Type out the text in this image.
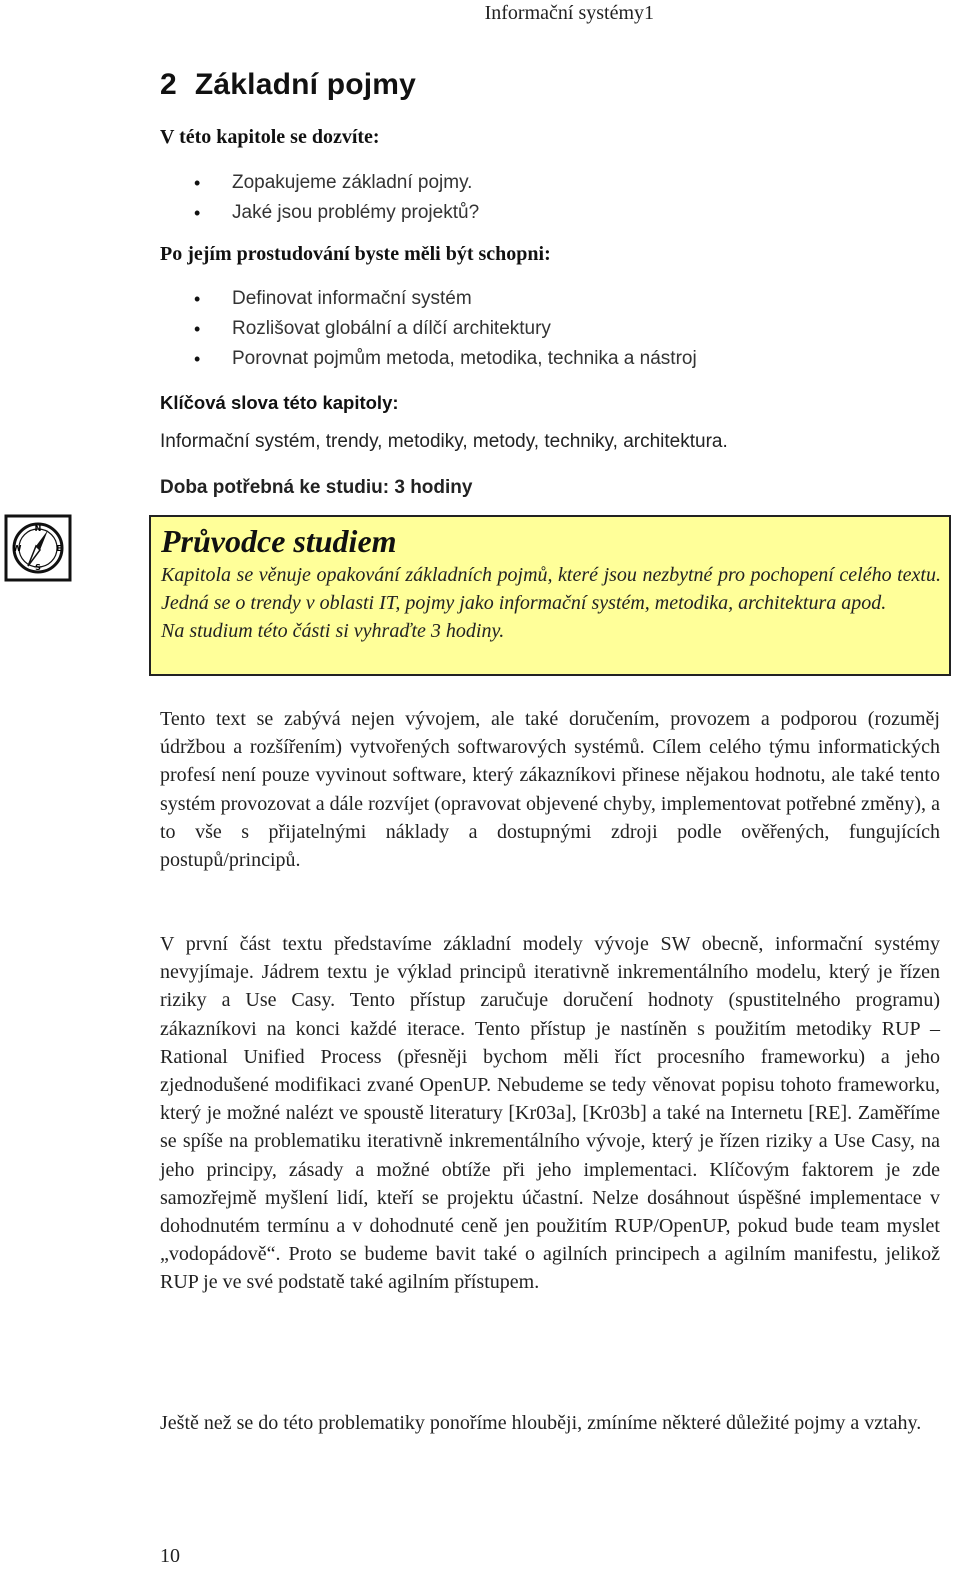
Informační systémy1
2 Základní pojmy
V této kapitole se dozvíte:
• Zopakujeme základní pojmy.
• Jaké jsou problémy projektů?
Po jejím prostudování byste měli být schopni:
• Definovat informační systém
• Rozlišovat globální a dílčí architektury
• Porovnat pojmům metoda, metodika, technika a nástroj
Klíčová slova této kapitoly:
Informační systém, trendy, metodiky, metody, techniky, architektura.
Doba potřebná ke studiu: 3 hodiny
N
S
W	E	Průvodce studiem

Kapitola se věnuje opakování základních pojmů, které jsou nezbytné pro pochopení celého textu. Jedná se o trendy v oblasti IT, pojmy jako informační systém, metodika, architektura apod.
Na studium této části si vyhraďte 3 hodiny.

Tento text se zabývá nejen vývojem, ale také doručením, provozem a podporou (rozuměj údržbou a rozšířením) vytvořených softwarových systémů. Cílem celého týmu informatických profesí není pouze vyvinout software, který zákazníkovi přinese nějakou hodnotu, ale také tento systém provozovat a dále rozvíjet (opravovat objevené chyby, implementovat potřebné změny), a to vše s přijatelnými náklady a dostupnými zdroji podle ověřených, fungujících postupů/principů.

V první část textu představíme základní modely vývoje SW obecně, informační systémy nevyjímaje. Jádrem textu je výklad principů iterativně inkrementálního modelu, který je řízen riziky a Use Casy. Tento přístup zaručuje doručení hodnoty (spustitelného programu) zákazníkovi na konci každé iterace. Tento přístup je nastíněn s použitím metodiky RUP – Rational Unified Process (přesněji bychom měli říct procesního frameworku) a jeho zjednodušené modifikaci zvané OpenUP. Nebudeme se tedy věnovat popisu tohoto frameworku, který je možné nalézt ve spoustě literatury [Kr03a], [Kr03b] a také na Internetu [RE]. Zaměříme se spíše na problematiku iterativně inkrementálního vývoje, který je řízen riziky a Use Casy, na jeho principy, zásady a možné obtíže při jeho implementaci. Klíčovým faktorem je zde samozřejmě myšlení lidí, kteří se projektu účastní. Nelze dosáhnout úspěšné implementace v dohodnutém termínu a v dohodnuté ceně jen použitím RUP/OpenUP, pokud bude team myslet „vodopádově“. Proto se budeme bavit také o agilních principech a agilním manifestu, jelikož RUP je ve své podstatě také agilním přístupem.

Ještě než se do této problematiky ponoříme hlouběji, zmíníme některé důležité pojmy a vztahy.

10
